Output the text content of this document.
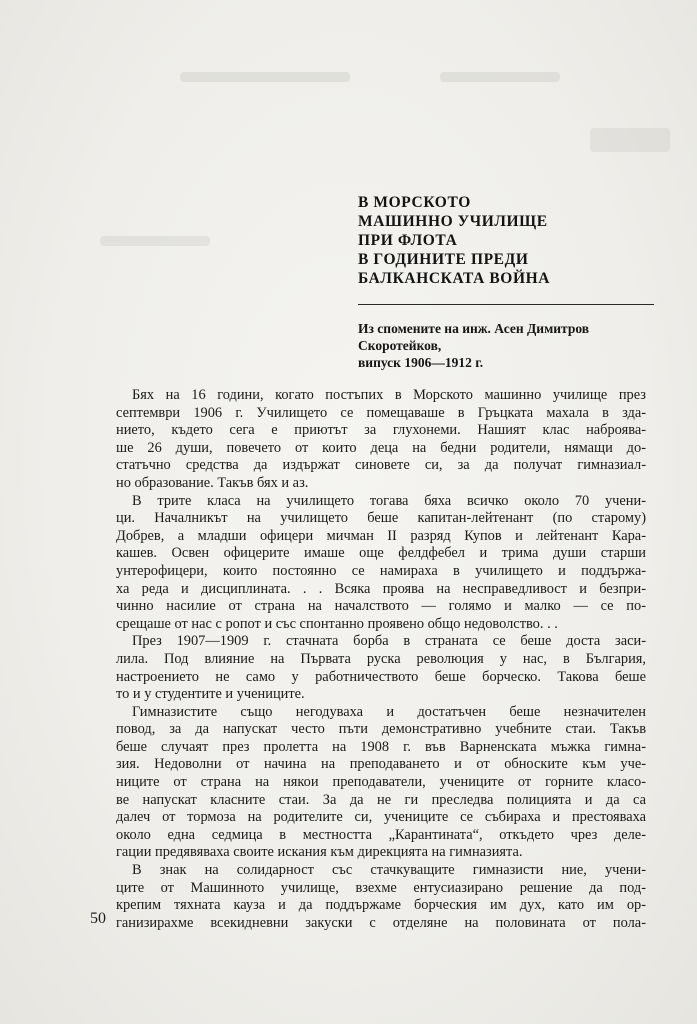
В МОРСКОТО
МАШИННО УЧИЛИЩЕ
ПРИ ФЛОТА
В ГОДИНИТЕ ПРЕДИ
БАЛКАНСКАТА ВОЙНА
Из спомените на инж. Асен Димитров
Скоротейков,
випуск 1906—1912 г.
Бях на 16 години, когато постъпих в Морското машинно училище през
септември 1906 г. Училището се помещаваше в Гръцката махала в зда-
нието, където сега е приютът за глухонеми. Нашият клас наброява-
ше 26 души, повечето от които деца на бедни родители, нямащи до-
статъчно средства да издържат синовете си, за да получат гимназиал-
но образование. Такъв бях и аз.
В трите класа на училището тогава бяха всичко около 70 учени-
ци. Началникът на училището беше капитан-лейтенант (по старому)
Добрев, а младши офицери мичман II разряд Купов и лейтенант Кара-
кашев. Освен офицерите имаше още фелдфебел и трима души старши
унтерофицери, които постоянно се намираха в училището и поддържа-
ха реда и дисциплината. . . Всяка проява на несправедливост и безпри-
чинно насилие от страна на началството — голямо и малко — се по-
срещаше от нас с ропот и със спонтанно проявено общо недоволство. . .
През 1907—1909 г. стачната борба в страната се беше доста заси-
лила. Под влияние на Първата руска революция у нас, в България,
настроението не само у работничеството беше борческо. Такова беше
то и у студентите и учениците.
Гимназистите също негодуваха и достатъчен беше незначителен
повод, за да напускат често пъти демонстративно учебните стаи. Такъв
беше случаят през пролетта на 1908 г. във Варненската мъжка гимна-
зия. Недоволни от начина на преподаването и от обноските към уче-
ниците от страна на някои преподаватели, учениците от горните класо-
ве напускат класните стаи. За да не ги преследва полицията и да са
далеч от тормоза на родителите си, учениците се събираха и престояваха
около една седмица в местността „Карантината“, откъдето чрез деле-
гации предявяваха своите искания към дирекцията на гимназията.
В знак на солидарност със стачкуващите гимназисти ние, учени-
ците от Машинното училище, взехме ентусиазирано решение да под-
крепим тяхната кауза и да поддържаме борческия им дух, като им ор-
ганизирахме всекидневни закуски с отделяне на половината от пола-
50
